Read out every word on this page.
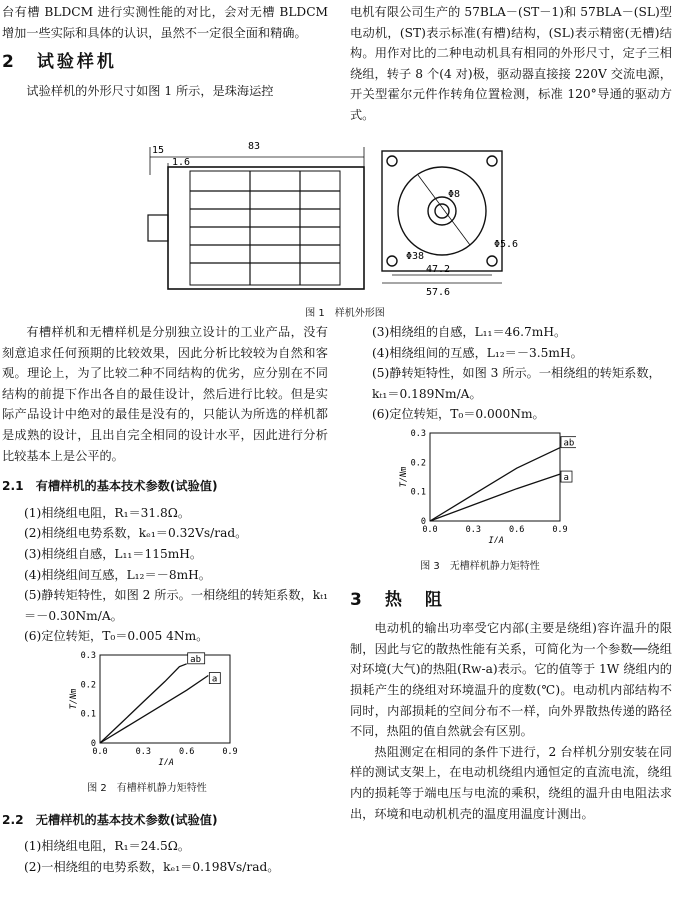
台有槽 BLDCM 进行实测性能的对比，会对无槽 BLDCM 增加一些实际和具体的认识，虽然不一定很全面和精确。

2　试验样机

试验样机的外形尺寸如图 1 所示，是珠海运控

电机有限公司生产的 57BLA－(ST－1)和 57BLA－(SL)型电动机，(ST)表示标准(有槽)结构，(SL)表示精密(无槽)结构。用作对比的二种电动机具有相同的外形尺寸，定子三相绕组，转子 8 个(4 对)极，驱动器直接接 220V 交流电源，开关型霍尔元件作转角位置检测，标准 120°导通的驱动方式。

15	83
1.6
Φ8
Φ38
Φ5.6
47.2
57.6
图 1　样机外形图

有槽样机和无槽样机是分别独立设计的工业产品，没有刻意追求任何预期的比较效果，因此分析比较较为自然和客观。理论上，为了比较二种不同结构的优劣，应分别在不同结构的前提下作出各自的最佳设计，然后进行比较。但是实际产品设计中绝对的最佳是没有的，只能认为所选的样机都是成熟的设计，且出自完全相同的设计水平，因此进行分析比较基本上是公平的。

2.1　有槽样机的基本技术参数(试验值)
(1)相绕组电阻，R₁＝31.8Ω。
(2)相绕组电势系数，kₑ₁＝0.32Vs/rad。
(3)相绕组自感，L₁₁＝115mH。
(4)相绕组间互感，L₁₂＝－8mH。
(5)静转矩特性，如图 2 所示。一相绕组的转矩系数，kₜ₁＝－0.30Nm/A。
(6)定位转矩，T₀＝0.005 4Nm。
0
0.1
0.2
0.3
0.0	0.3	0.6	0.9
I/A
T/Nm
ab
a
图 2　有槽样机静力矩特性
2.2　无槽样机的基本技术参数(试验值)
(1)相绕组电阻，R₁＝24.5Ω。
(2)一相绕组的电势系数，kₑ₁＝0.198Vs/rad。
(3)相绕组的自感，L₁₁＝46.7mH。
(4)相绕组间的互感，L₁₂＝－3.5mH。
(5)静转矩特性，如图 3 所示。一相绕组的转矩系数，kₜ₁＝0.189Nm/A。
(6)定位转矩，T₀＝0.000Nm。
0
0.1
0.2
0.3
0.0	0.3	0.6	0.9
I/A
T/Nm
ab
a
图 3　无槽样机静力矩特性
3　热　阻

电动机的输出功率受它内部(主要是绕组)容许温升的限制，因此与它的散热性能有关系，可简化为一个参数──绕组对环境(大气)的热阻(Rw-a)表示。它的值等于 1W 绕组内的损耗产生的绕组对环境温升的度数(℃)。电动机内部结构不同时，内部损耗的空间分布不一样，向外界散热传递的路径不同，热阻的值自然就会有区别。

热阻测定在相同的条件下进行，2 台样机分别安装在同样的测试支架上，在电动机绕组内通恒定的直流电流，绕组内的损耗等于端电压与电流的乘积，绕组的温升由电阻法求出，环境和电动机机壳的温度用温度计测出。
